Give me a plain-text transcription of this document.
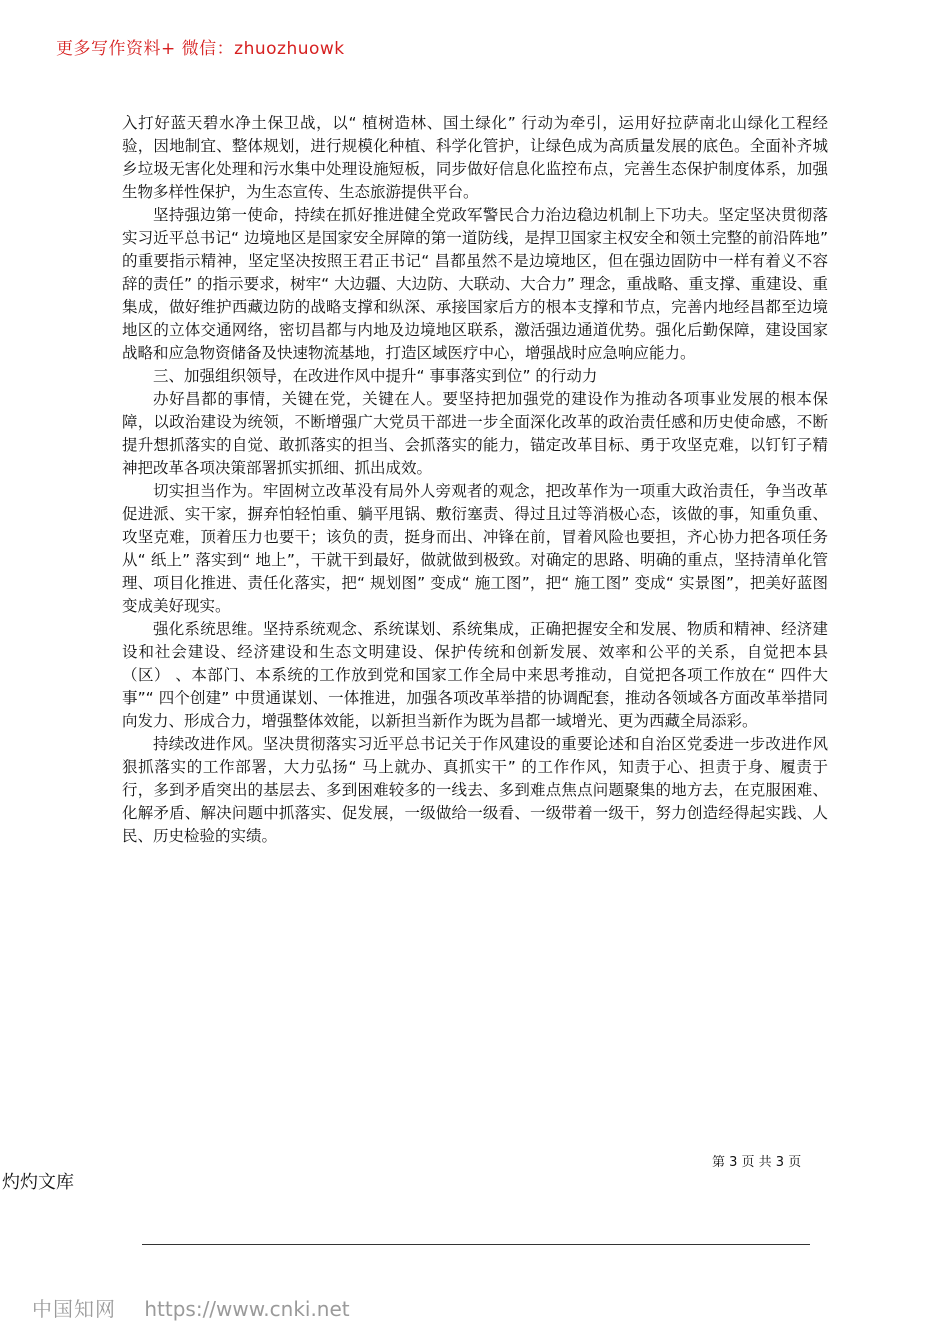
更多写作资料+ 微信：zhuozhuowk

入打好蓝天碧水净土保卫战，以“ 植树造林、国土绿化” 行动为牵引，运用好拉萨南北山绿化工程经验，因地制宜、整体规划，进行规模化种植、科学化管护，让绿色成为高质量发展的底色。全面补齐城乡垃圾无害化处理和污水集中处理设施短板，同步做好信息化监控布点，完善生态保护制度体系，加强生物多样性保护，为生态宣传、生态旅游提供平台。

坚持强边第一使命，持续在抓好推进健全党政军警民合力治边稳边机制上下功夫。坚定坚决贯彻落实习近平总书记“ 边境地区是国家安全屏障的第一道防线，是捍卫国家主权安全和领土完整的前沿阵地” 的重要指示精神，坚定坚决按照王君正书记“ 昌都虽然不是边境地区，但在强边固防中一样有着义不容辞的责任” 的指示要求，树牢“ 大边疆、大边防、大联动、大合力” 理念，重战略、重支撑、重建设、重集成，做好维护西藏边防的战略支撑和纵深、承接国家后方的根本支撑和节点，完善内地经昌都至边境地区的立体交通网络，密切昌都与内地及边境地区联系，激活强边通道优势。强化后勤保障，建设国家战略和应急物资储备及快速物流基地，打造区域医疗中心，增强战时应急响应能力。

三、加强组织领导，在改进作风中提升“ 事事落实到位” 的行动力

办好昌都的事情，关键在党，关键在人。要坚持把加强党的建设作为推动各项事业发展的根本保障，以政治建设为统领，不断增强广大党员干部进一步全面深化改革的政治责任感和历史使命感，不断提升想抓落实的自觉、敢抓落实的担当、会抓落实的能力，锚定改革目标、勇于攻坚克难，以钉钉子精神把改革各项决策部署抓实抓细、抓出成效。

切实担当作为。牢固树立改革没有局外人旁观者的观念，把改革作为一项重大政治责任，争当改革促进派、实干家，摒弃怕轻怕重、躺平甩锅、敷衍塞责、得过且过等消极心态，该做的事，知重负重、攻坚克难，顶着压力也要干；该负的责，挺身而出、冲锋在前，冒着风险也要担，齐心协力把各项任务从“ 纸上” 落实到“ 地上”，干就干到最好，做就做到极致。对确定的思路、明确的重点，坚持清单化管理、项目化推进、责任化落实，把“ 规划图” 变成“ 施工图”，把“ 施工图” 变成“ 实景图”，把美好蓝图变成美好现实。

强化系统思维。坚持系统观念、系统谋划、系统集成，正确把握安全和发展、物质和精神、经济建设和社会建设、经济建设和生态文明建设、保护传统和创新发展、效率和公平的关系，自觉把本县（区） 、本部门、本系统的工作放到党和国家工作全局中来思考推动，自觉把各项工作放在“ 四件大事”“ 四个创建” 中贯通谋划、一体推进，加强各项改革举措的协调配套，推动各领域各方面改革举措同向发力、形成合力，增强整体效能，以新担当新作为既为昌都一域增光、更为西藏全局添彩。

持续改进作风。坚决贯彻落实习近平总书记关于作风建设的重要论述和自治区党委进一步改进作风狠抓落实的工作部署，大力弘扬“ 马上就办、真抓实干” 的工作作风，知责于心、担责于身、履责于行，多到矛盾突出的基层去、多到困难较多的一线去、多到难点焦点问题聚集的地方去，在克服困难、化解矛盾、解决问题中抓落实、促发展，一级做给一级看、一级带着一级干，努力创造经得起实践、人民、历史检验的实绩。

第 3 页 共 3 页
灼灼文库
中国知网 https://www.cnki.net
